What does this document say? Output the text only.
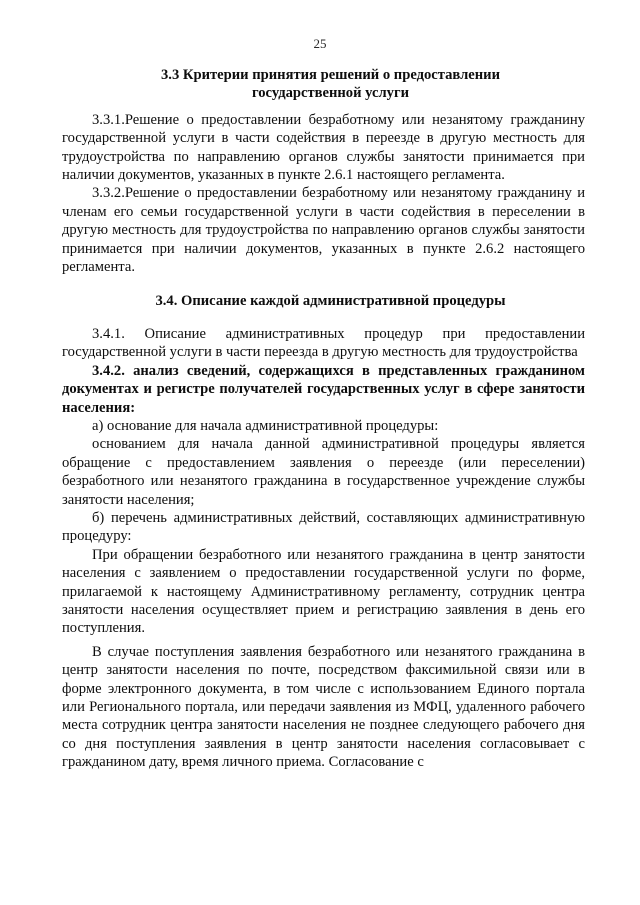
25
3.3 Критерии принятия решений о предоставлении
государственной услуги

3.3.1.Решение о предоставлении безработному или незанятому гражданину государственной услуги в части содействия в переезде в другую местность для трудоустройства по направлению органов службы занятости принимается при наличии документов, указанных в пункте 2.6.1 настоящего регламента.

3.3.2.Решение о предоставлении безработному или незанятому гражданину и членам его семьи государственной услуги в части содействия в переселении в другую местность для трудоустройства по направлению органов службы занятости принимается при наличии документов, указанных в пункте 2.6.2 настоящего регламента.

3.4. Описание каждой административной процедуры

3.4.1. Описание административных процедур при предоставлении государственной услуги в части переезда в другую местность для трудоустройства

3.4.2. анализ сведений, содержащихся в представленных гражданином документах и регистре получателей государственных услуг в сфере занятости населения:

а) основание для начала административной процедуры:

основанием для начала данной административной процедуры является обращение с предоставлением заявления о переезде (или переселении) безработного или незанятого гражданина в государственное учреждение службы занятости населения;

б) перечень административных действий, составляющих административную процедуру:

При обращении безработного или незанятого гражданина в центр занятости населения с заявлением о предоставлении государственной услуги по форме, прилагаемой к настоящему Административному регламенту, сотрудник центра занятости населения осуществляет прием и регистрацию заявления в день его поступления.

В случае поступления заявления безработного или незанятого гражданина в центр занятости населения по почте, посредством факсимильной связи или в форме электронного документа, в том числе с использованием Единого портала или Регионального портала, или передачи заявления из МФЦ, удаленного рабочего места сотрудник центра занятости населения не позднее следующего рабочего дня со дня поступления заявления в центр занятости населения согласовывает с гражданином дату, время личного приема. Согласование с
